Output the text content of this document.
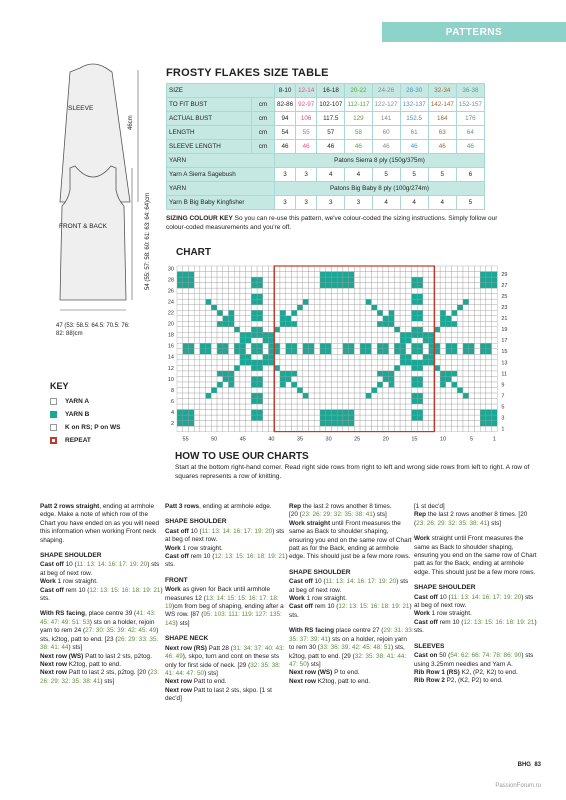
PATTERNS
SLEEVE
46cm
FRONT & BACK	54 (55: 57: 58: 60: 61: 63: 64: 64)cm
47 (53: 58.5: 64.5: 70.5: 76: 82: 88)cm
FROSTY FLAKES SIZE TABLE
SIZE		8-10	12-14	16-18	20-22	24-26	28-30	32-34	36-38
TO FIT BUST	cm	82-86	92-97	102-107	112-117	122-127	132-137	142-147	152-157
ACTUAL BUST	cm	94	106	117.5	129	141	152.5	164	176
LENGTH	cm	54	55	57	58	60	61	63	64
SLEEVE LENGTH	cm	46	46	46	46	46	46	46	46
YARN		Patons Sierra 8 ply (150g/375m)							
Yarn A Sierra Sagebush		3	3	4	4	5	5	5	6
YARN		Patons Big Baby 8 ply (100g/274m)							
Yarn B Big Baby Kingfisher		3	3	3	3	4	4	4	5
SIZING COLOUR KEY So you can re-use this pattern, we've colour-coded the sizing instructions. Simply follow our colour-coded measurements and you're off.
CHART
30
28
26
24
22
20
18
16
14
12
10
8
6
4
2
29
27
25
23
21
19
17
15
13
11
9
7
5
3
1
55	50	45	40	35	30	25	20	15	10	5	1
KEY
YARN A
YARN B
K on RS; P on WS
REPEAT
HOW TO USE OUR CHARTS
Start at the bottom right-hand corner. Read right side rows from right to left and wrong side rows from left to right. A row of squares represents a row of knitting.

Patt 2 rows straight, ending at armhole edge. Make a note of which row of the Chart you have ended on as you will need this information when working Front neck shaping.

SHAPE SHOULDER

Cast off 10 (11: 13: 14: 16: 17: 19: 20) sts at beg of next row.
Work 1 row straight.
Cast off rem 10 (12: 13: 15: 16: 18: 19: 21) sts.

With RS facing, place centre 39 (41: 43: 45: 47: 49: 51: 53) sts on a holder, rejoin yarn to rem 24 (27: 30: 35: 39: 42: 45: 49) sts, k2tog, patt to end. [23 (26: 29: 33: 35: 38: 41: 44) sts]
Next row (WS) Patt to last 2 sts, p2tog.
Next row K2tog, patt to end.
Next row Patt to last 2 sts, p2tog. [20 (23: 26: 29: 32: 35: 38: 41) sts]

Patt 3 rows, ending at armhole edge.

SHAPE SHOULDER

Cast off 10 (11: 13: 14: 16: 17: 19: 20) sts at beg of next row.
Work 1 row straight.
Cast off rem 10 (12: 13: 15: 16: 18: 19: 21) sts.

FRONT

Work as given for Back until armhole measures 12 (13: 14: 15: 15: 16: 17: 18: 19)cm from beg of shaping, ending after a WS row. [87 (95: 103: 111: 119: 127: 135: 143) sts]

SHAPE NECK

Next row (RS) Patt 28 (31: 34: 37: 40: 43: 46: 49), skpo, turn and cont on these sts only for first side of neck. [29 (32: 35: 38: 41: 44: 47: 50) sts]
Next row Patt to end.
Next row Patt to last 2 sts, skpo. [1 st dec'd]

Rep the last 2 rows another 8 times.
[20 (23: 26: 29: 32: 35: 38: 41) sts]
Work straight until Front measures the same as Back to shoulder shaping, ensuring you end on the same row of Chart patt as for the Back, ending at armhole edge. This should just be a few more rows.

SHAPE SHOULDER

Cast off 10 (11: 13: 14: 16: 17: 19: 20) sts at beg of next row.
Work 1 row straight.
Cast off rem 10 (12: 13: 15: 16: 18: 19: 21) sts.

With RS facing place centre 27 (29: 31: 33: 35: 37: 39: 41) sts on a holder, rejoin yarn to rem 30 (33: 36: 39: 42: 45: 48: 51) sts, k2tog, patt to end. [29 (32: 35: 38: 41: 44: 47: 50) sts]
Next row (WS) P to end.
Next row K2tog, patt to end.

[1 st dec'd]
Rep the last 2 rows another 8 times. [20 (23: 26: 29: 32: 35: 38: 41) sts]

Work straight until Front measures the same as Back to shoulder shaping, ensuring you end on the same row of Chart patt as for the Back, ending at armhole edge. This should just be a few more rows.

SHAPE SHOULDER

Cast off 10 (11: 13: 14: 16: 17: 19: 20) sts at beg of next row.
Work 1 row straight.
Cast off rem 10 (12: 13: 15: 16: 18: 19: 21) sts.

SLEEVES

Cast on 50 (54: 62: 66: 74: 78: 86: 90) sts using 3.25mm needles and Yarn A.
Rib Row 1 (RS) K2, (P2, K2) to end.
Rib Row 2 P2, (K2, P2) to end.

BHG 83
PassionForum.ru
